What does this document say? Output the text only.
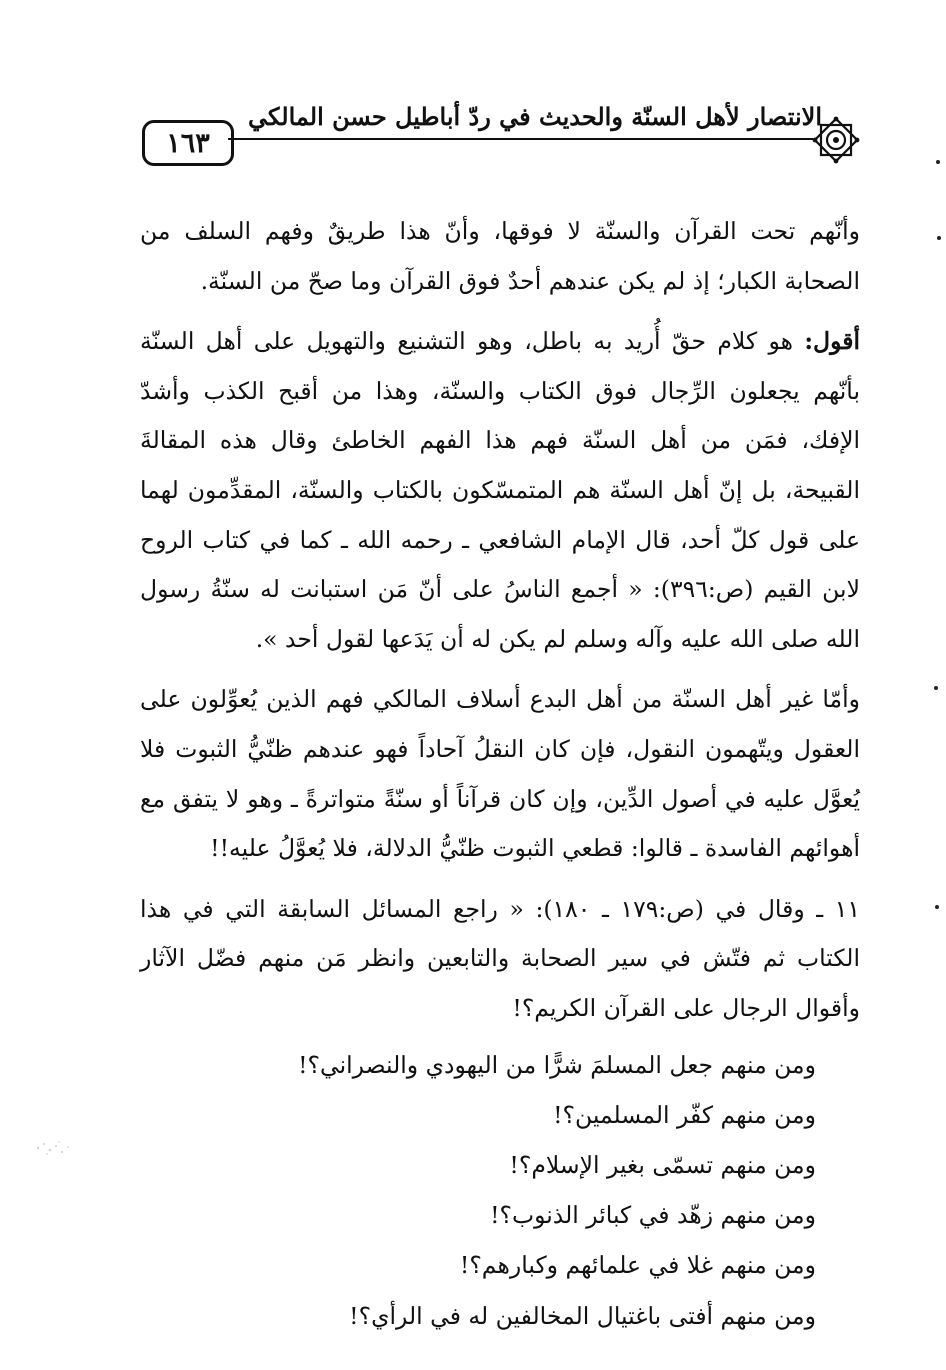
١٦٣
الانتصار لأهل السنّة والحديث في ردّ أباطيل حسن المالكي

وأنّهم تحت القرآن والسنّة لا فوقها، وأنّ هذا طريقٌ وفهم السلف من الصحابة الكبار؛ إذ لم يكن عندهم أحدٌ فوق القرآن وما صحّ من السنّة.

أقول: هو كلام حقّ أُريد به باطل، وهو التشنيع والتهويل على أهل السنّة بأنّهم يجعلون الرِّجال فوق الكتاب والسنّة، وهذا من أقبح الكذب وأشدّ الإفك، فمَن من أهل السنّة فهم هذا الفهم الخاطئ وقال هذه المقالةَ القبيحة، بل إنّ أهل السنّة هم المتمسّكون بالكتاب والسنّة، المقدِّمون لهما على قول كلّ أحد، قال الإمام الشافعي ـ رحمه الله ـ كما في كتاب الروح لابن القيم (ص:٣٩٦): « أجمع الناسُ على أنّ مَن استبانت له سنّةُ رسول الله صلى الله عليه وآله وسلم لم يكن له أن يَدَعها لقول أحد ».

وأمّا غير أهل السنّة من أهل البدع أسلاف المالكي فهم الذين يُعوِّلون على العقول ويتّهمون النقول، فإن كان النقلُ آحاداً فهو عندهم ظنّيُّ الثبوت فلا يُعوَّل عليه في أصول الدِّين، وإن كان قرآناً أو سنّةً متواترةً ـ وهو لا يتفق مع أهوائهم الفاسدة ـ قالوا: قطعي الثبوت ظنّيُّ الدلالة، فلا يُعوَّلُ عليه!!

١١ ـ وقال في (ص:١٧٩ ـ ١٨٠): « راجع المسائل السابقة التي في هذا الكتاب ثم فتّش في سير الصحابة والتابعين وانظر مَن منهم فضّل الآثار وأقوال الرجال على القرآن الكريم؟!

ومن منهم جعل المسلمَ شرًّا من اليهودي والنصراني؟!
ومن منهم كفّر المسلمين؟!
ومن منهم تسمّى بغير الإسلام؟!
ومن منهم زهّد في كبائر الذنوب؟!
ومن منهم غلا في علمائهم وكبارهم؟!
ومن منهم أفتى باغتيال المخالفين له في الرأي؟!
